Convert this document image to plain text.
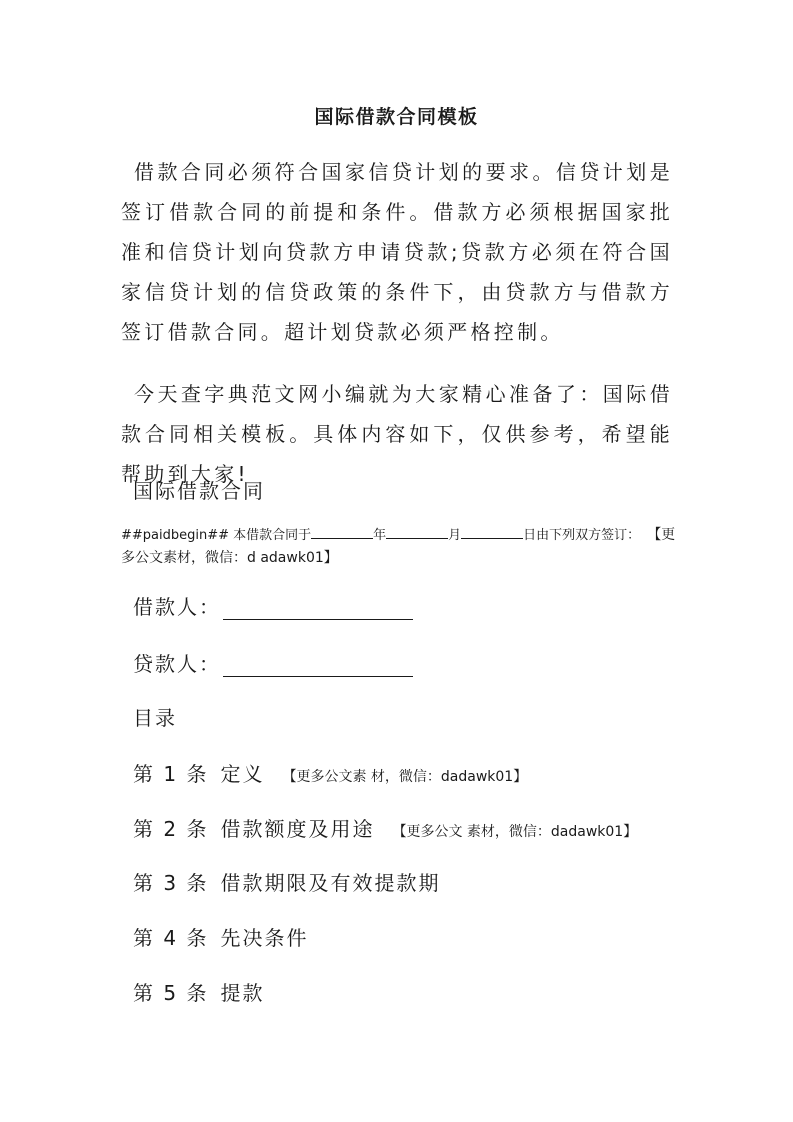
国际借款合同模板

借款合同必须符合国家信贷计划的要求。信贷计划是签订借款合同的前提和条件。借款方必须根据国家批准和信贷计划向贷款方申请贷款;贷款方必须在符合国家信贷计划的信贷政策的条件下，由贷款方与借款方签订借款合同。超计划贷款必须严格控制。

今天查字典范文网小编就为大家精心准备了：国际借款合同相关模板。具体内容如下，仅供参考，希望能帮助到大家!

国际借款合同
##paidbegin## 本借款合同于	年	月	日由下列双方签订： 【更多公文素材，微信：d adawk01】
借款人：
贷款人：
目录
第 1 条 定义 【更多公文素 材，微信：dadawk01】
第 2 条 借款额度及用途 【更多公文 素材，微信：dadawk01】
第 3 条 借款期限及有效提款期
第 4 条 先决条件
第 5 条 提款
